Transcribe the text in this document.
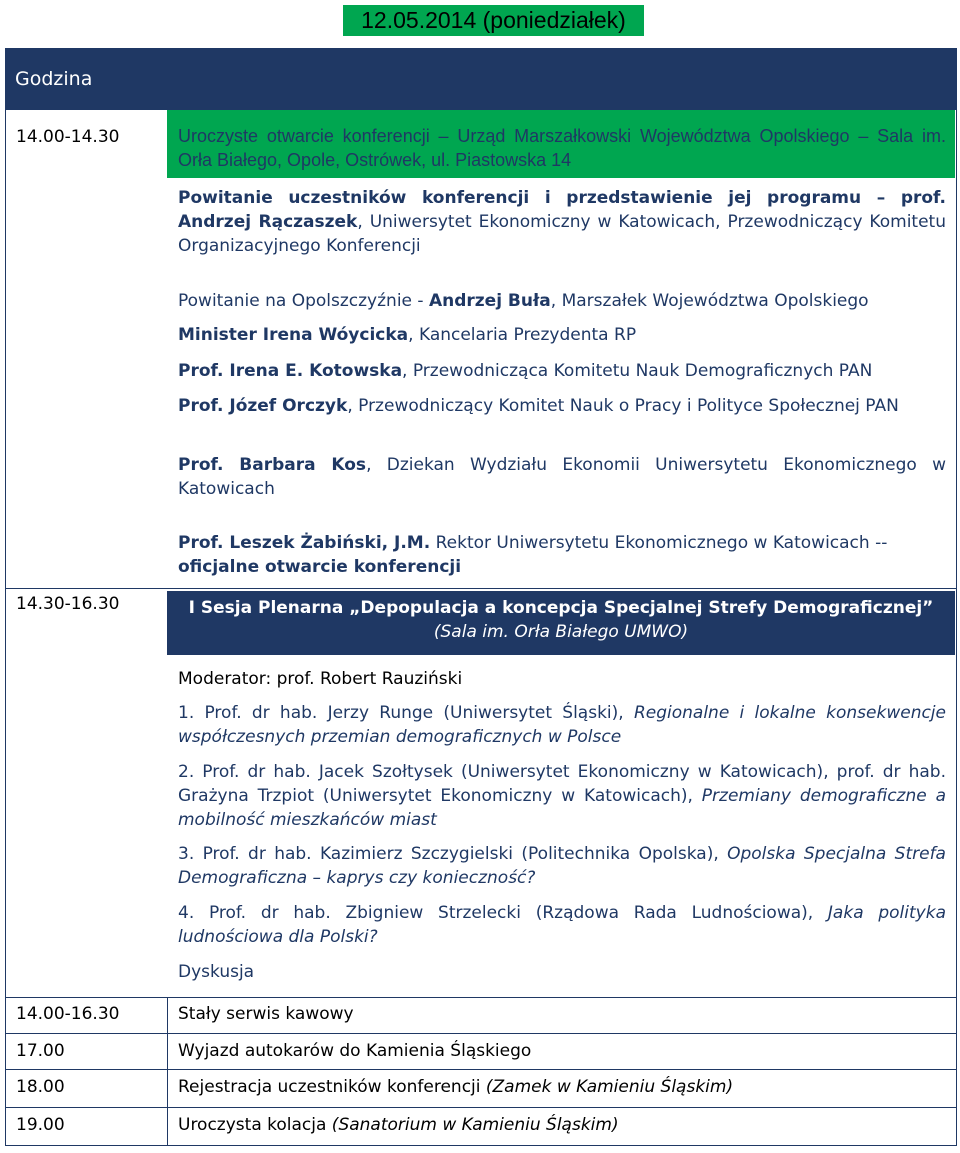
12.05.2014 (poniedziałek)
Godzina
14.00-14.30	Uroczyste otwarcie konferencji – Urząd Marszałkowski Województwa Opolskiego – Sala im. Orła Białego, Opole, Ostrówek, ul. Piastowska 14
Powitanie uczestników konferencji i przedstawienie jej programu – prof. Andrzej Rączaszek, Uniwersytet Ekonomiczny w Katowicach, Przewodniczący Komitetu Organizacyjnego Konferencji
Powitanie na Opolszczyźnie - Andrzej Buła, Marszałek Województwa Opolskiego
Minister Irena Wóycicka, Kancelaria Prezydenta RP
Prof. Irena E. Kotowska, Przewodnicząca Komitetu Nauk Demograficznych PAN
Prof. Józef Orczyk, Przewodniczący Komitet Nauk o Pracy i Polityce Społecznej PAN
Prof. Barbara Kos, Dziekan Wydziału Ekonomii Uniwersytetu Ekonomicznego w Katowicach
Prof. Leszek Żabiński, J.M. Rektor Uniwersytetu Ekonomicznego w Katowicach -- oficjalne otwarcie konferencji
14.30-16.30	I Sesja Plenarna „Depopulacja a koncepcja Specjalnej Strefy Demograficznej”
(Sala im. Orła Białego UMWO)
Moderator: prof. Robert Rauziński
1. Prof. dr hab. Jerzy Runge (Uniwersytet Śląski), Regionalne i lokalne konsekwencje współczesnych przemian demograficznych w Polsce
2. Prof. dr hab. Jacek Szołtysek (Uniwersytet Ekonomiczny w Katowicach), prof. dr hab. Grażyna Trzpiot (Uniwersytet Ekonomiczny w Katowicach), Przemiany demograficzne a mobilność mieszkańców miast
3. Prof. dr hab. Kazimierz Szczygielski (Politechnika Opolska), Opolska Specjalna Strefa Demograficzna – kaprys czy konieczność?
4. Prof. dr hab. Zbigniew Strzelecki (Rządowa Rada Ludnościowa), Jaka polityka ludnościowa dla Polski?
Dyskusja
14.00-16.30	Stały serwis kawowy
17.00	Wyjazd autokarów do Kamienia Śląskiego
18.00	Rejestracja uczestników konferencji (Zamek w Kamieniu Śląskim)
19.00	Uroczysta kolacja (Sanatorium w Kamieniu Śląskim)
